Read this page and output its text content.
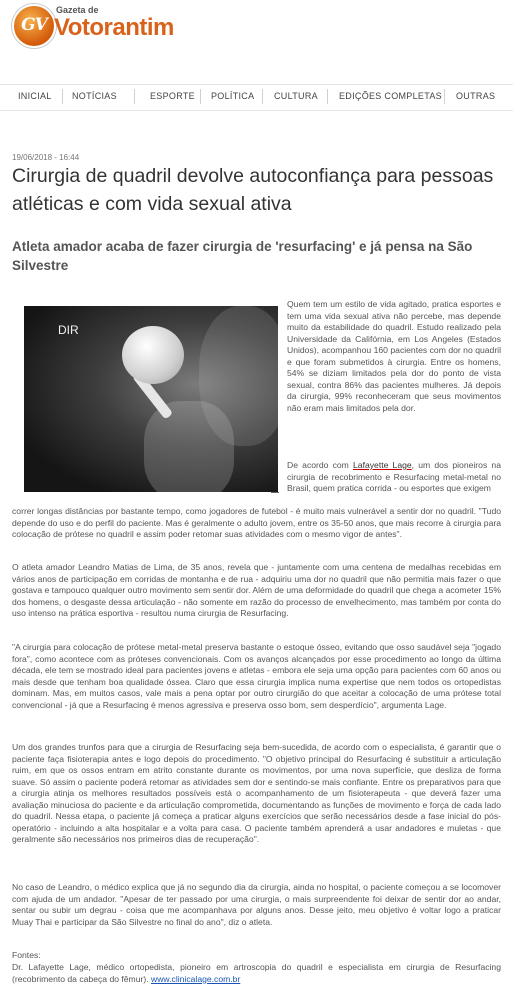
GV
Gazeta de
Votorantim
INICIAL NOTÍCIAS	ESPORTE POLÍTICA CULTURA EDIÇÕES COMPLETAS OUTRAS
19/06/2018 - 16:44
Cirurgia de quadril devolve autoconfiança para pessoas atléticas e com vida sexual ativa
Atleta amador acaba de fazer cirurgia de 'resurfacing' e já pensa na São Silvestre
DIR

Quem tem um estilo de vida agitado, pratica esportes e tem uma vida sexual ativa não percebe, mas depende muito da estabilidade do quadril. Estudo realizado pela Universidade da Califórnia, em Los Angeles (Estados Unidos), acompanhou 160 pacientes com dor no quadril e que foram submetidos à cirurgia. Entre os homens, 54% se diziam limitados pela dor do ponto de vista sexual, contra 86% das pacientes mulheres. Já depois da cirurgia, 99% reconheceram que seus movimentos não eram mais limitados pela dor.

De acordo com Lafayette Lage, um dos pioneiros na cirurgia de recobrimento e Resurfacing metal-metal no Brasil, quem pratica corrida - ou esportes que exigem

correr longas distâncias por bastante tempo, como jogadores de futebol - é muito mais vulnerável a sentir dor no quadril. "Tudo depende do uso e do perfil do paciente. Mas é geralmente o adulto jovem, entre os 35-50 anos, que mais recorre à cirurgia para colocação de prótese no quadril e assim poder retomar suas atividades com o mesmo vigor de antes".

O atleta amador Leandro Matias de Lima, de 35 anos, revela que - juntamente com uma centena de medalhas recebidas em vários anos de participação em corridas de montanha e de rua - adquiriu uma dor no quadril que não permitia mais fazer o que gostava e tampouco qualquer outro movimento sem sentir dor. Além de uma deformidade do quadril que chega a acometer 15% dos homens, o desgaste dessa articulação - não somente em razão do processo de envelhecimento, mas também por conta do uso intenso na prática esportiva - resultou numa cirurgia de Resurfacing.

"A cirurgia para colocação de prótese metal-metal preserva bastante o estoque ósseo, evitando que osso saudável seja "jogado fora", como acontece com as próteses convencionais. Com os avanços alcançados por esse procedimento ao longo da última década, ele tem se mostrado ideal para pacientes jovens e atletas - embora ele seja uma opção para pacientes com 60 anos ou mais desde que tenham boa qualidade óssea. Claro que essa cirurgia implica numa expertise que nem todos os ortopedistas dominam. Mas, em muitos casos, vale mais a pena optar por outro cirurgião do que aceitar a colocação de uma prótese total convencional - já que a Resurfacing é menos agressiva e preserva osso bom, sem desperdício", argumenta Lage.

Um dos grandes trunfos para que a cirurgia de Resurfacing seja bem-sucedida, de acordo com o especialista, é garantir que o paciente faça fisioterapia antes e logo depois do procedimento. "O objetivo principal do Resurfacing é substituir a articulação ruim, em que os ossos entram em atrito constante durante os movimentos, por uma nova superfície, que desliza de forma suave. Só assim o paciente poderá retomar as atividades sem dor e sentindo-se mais confiante. Entre os preparativos para que a cirurgia atinja os melhores resultados possíveis está o acompanhamento de um fisioterapeuta - que deverá fazer uma avaliação minuciosa do paciente e da articulação comprometida, documentando as funções de movimento e força de cada lado do quadril. Nessa etapa, o paciente já começa a praticar alguns exercícios que serão necessários desde a fase inicial do pós-operatório - incluindo a alta hospitalar e a volta para casa. O paciente também aprenderá a usar andadores e muletas - que geralmente são necessários nos primeiros dias de recuperação".

No caso de Leandro, o médico explica que já no segundo dia da cirurgia, ainda no hospital, o paciente começou a se locomover com ajuda de um andador. "Apesar de ter passado por uma cirurgia, o mais surpreendente foi deixar de sentir dor ao andar, sentar ou subir um degrau - coisa que me acompanhava por alguns anos. Desse jeito, meu objetivo é voltar logo a praticar Muay Thai e participar da São Silvestre no final do ano", diz o atleta.

Fontes:

Dr. Lafayette Lage, médico ortopedista, pioneiro em artroscopia do quadril e especialista em cirurgia de Resurfacing (recobrimento da cabeça do fêmur). www.clinicalage.com.br
